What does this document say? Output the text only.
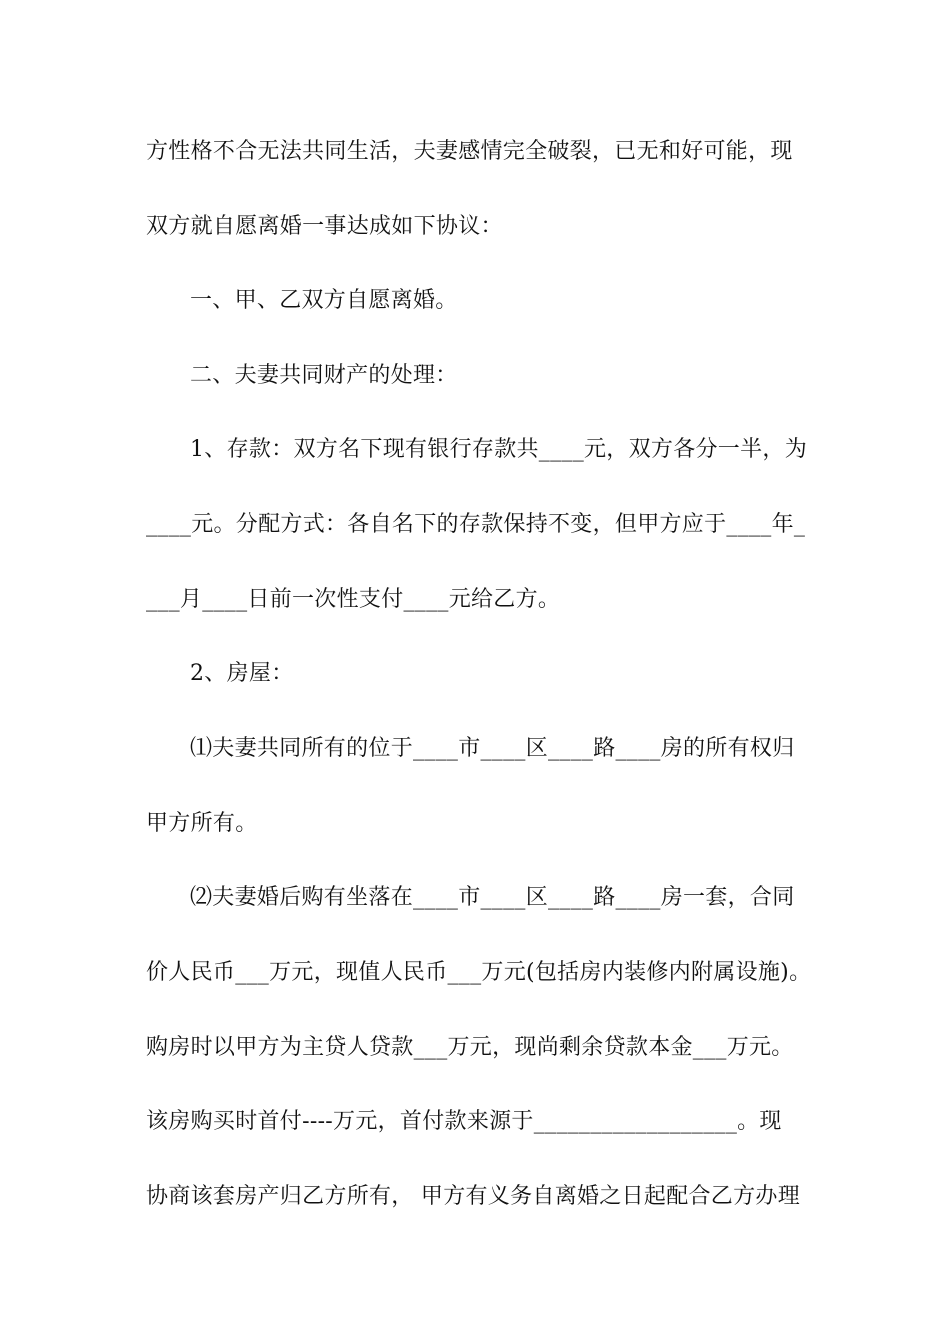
方性格不合无法共同生活，夫妻感情完全破裂，已无和好可能，现
双方就自愿离婚一事达成如下协议：
一、甲、乙双方自愿离婚。
二、夫妻共同财产的处理：
1、存款：双方名下现有银行存款共____元，双方各分一半，为
____元。分配方式：各自名下的存款保持不变，但甲方应于____年_
___月____日前一次性支付____元给乙方。
2、房屋：
⑴夫妻共同所有的位于____市____区____路____房的所有权归
甲方所有。
⑵夫妻婚后购有坐落在____市____区____路____房一套，合同
价人民币___万元，现值人民币___万元(包括房内装修内附属设施)。
购房时以甲方为主贷人贷款___万元，现尚剩余贷款本金___万元。
该房购买时首付----万元，首付款来源于__________________。现
协商该套房产归乙方所有， 甲方有义务自离婚之日起配合乙方办理
